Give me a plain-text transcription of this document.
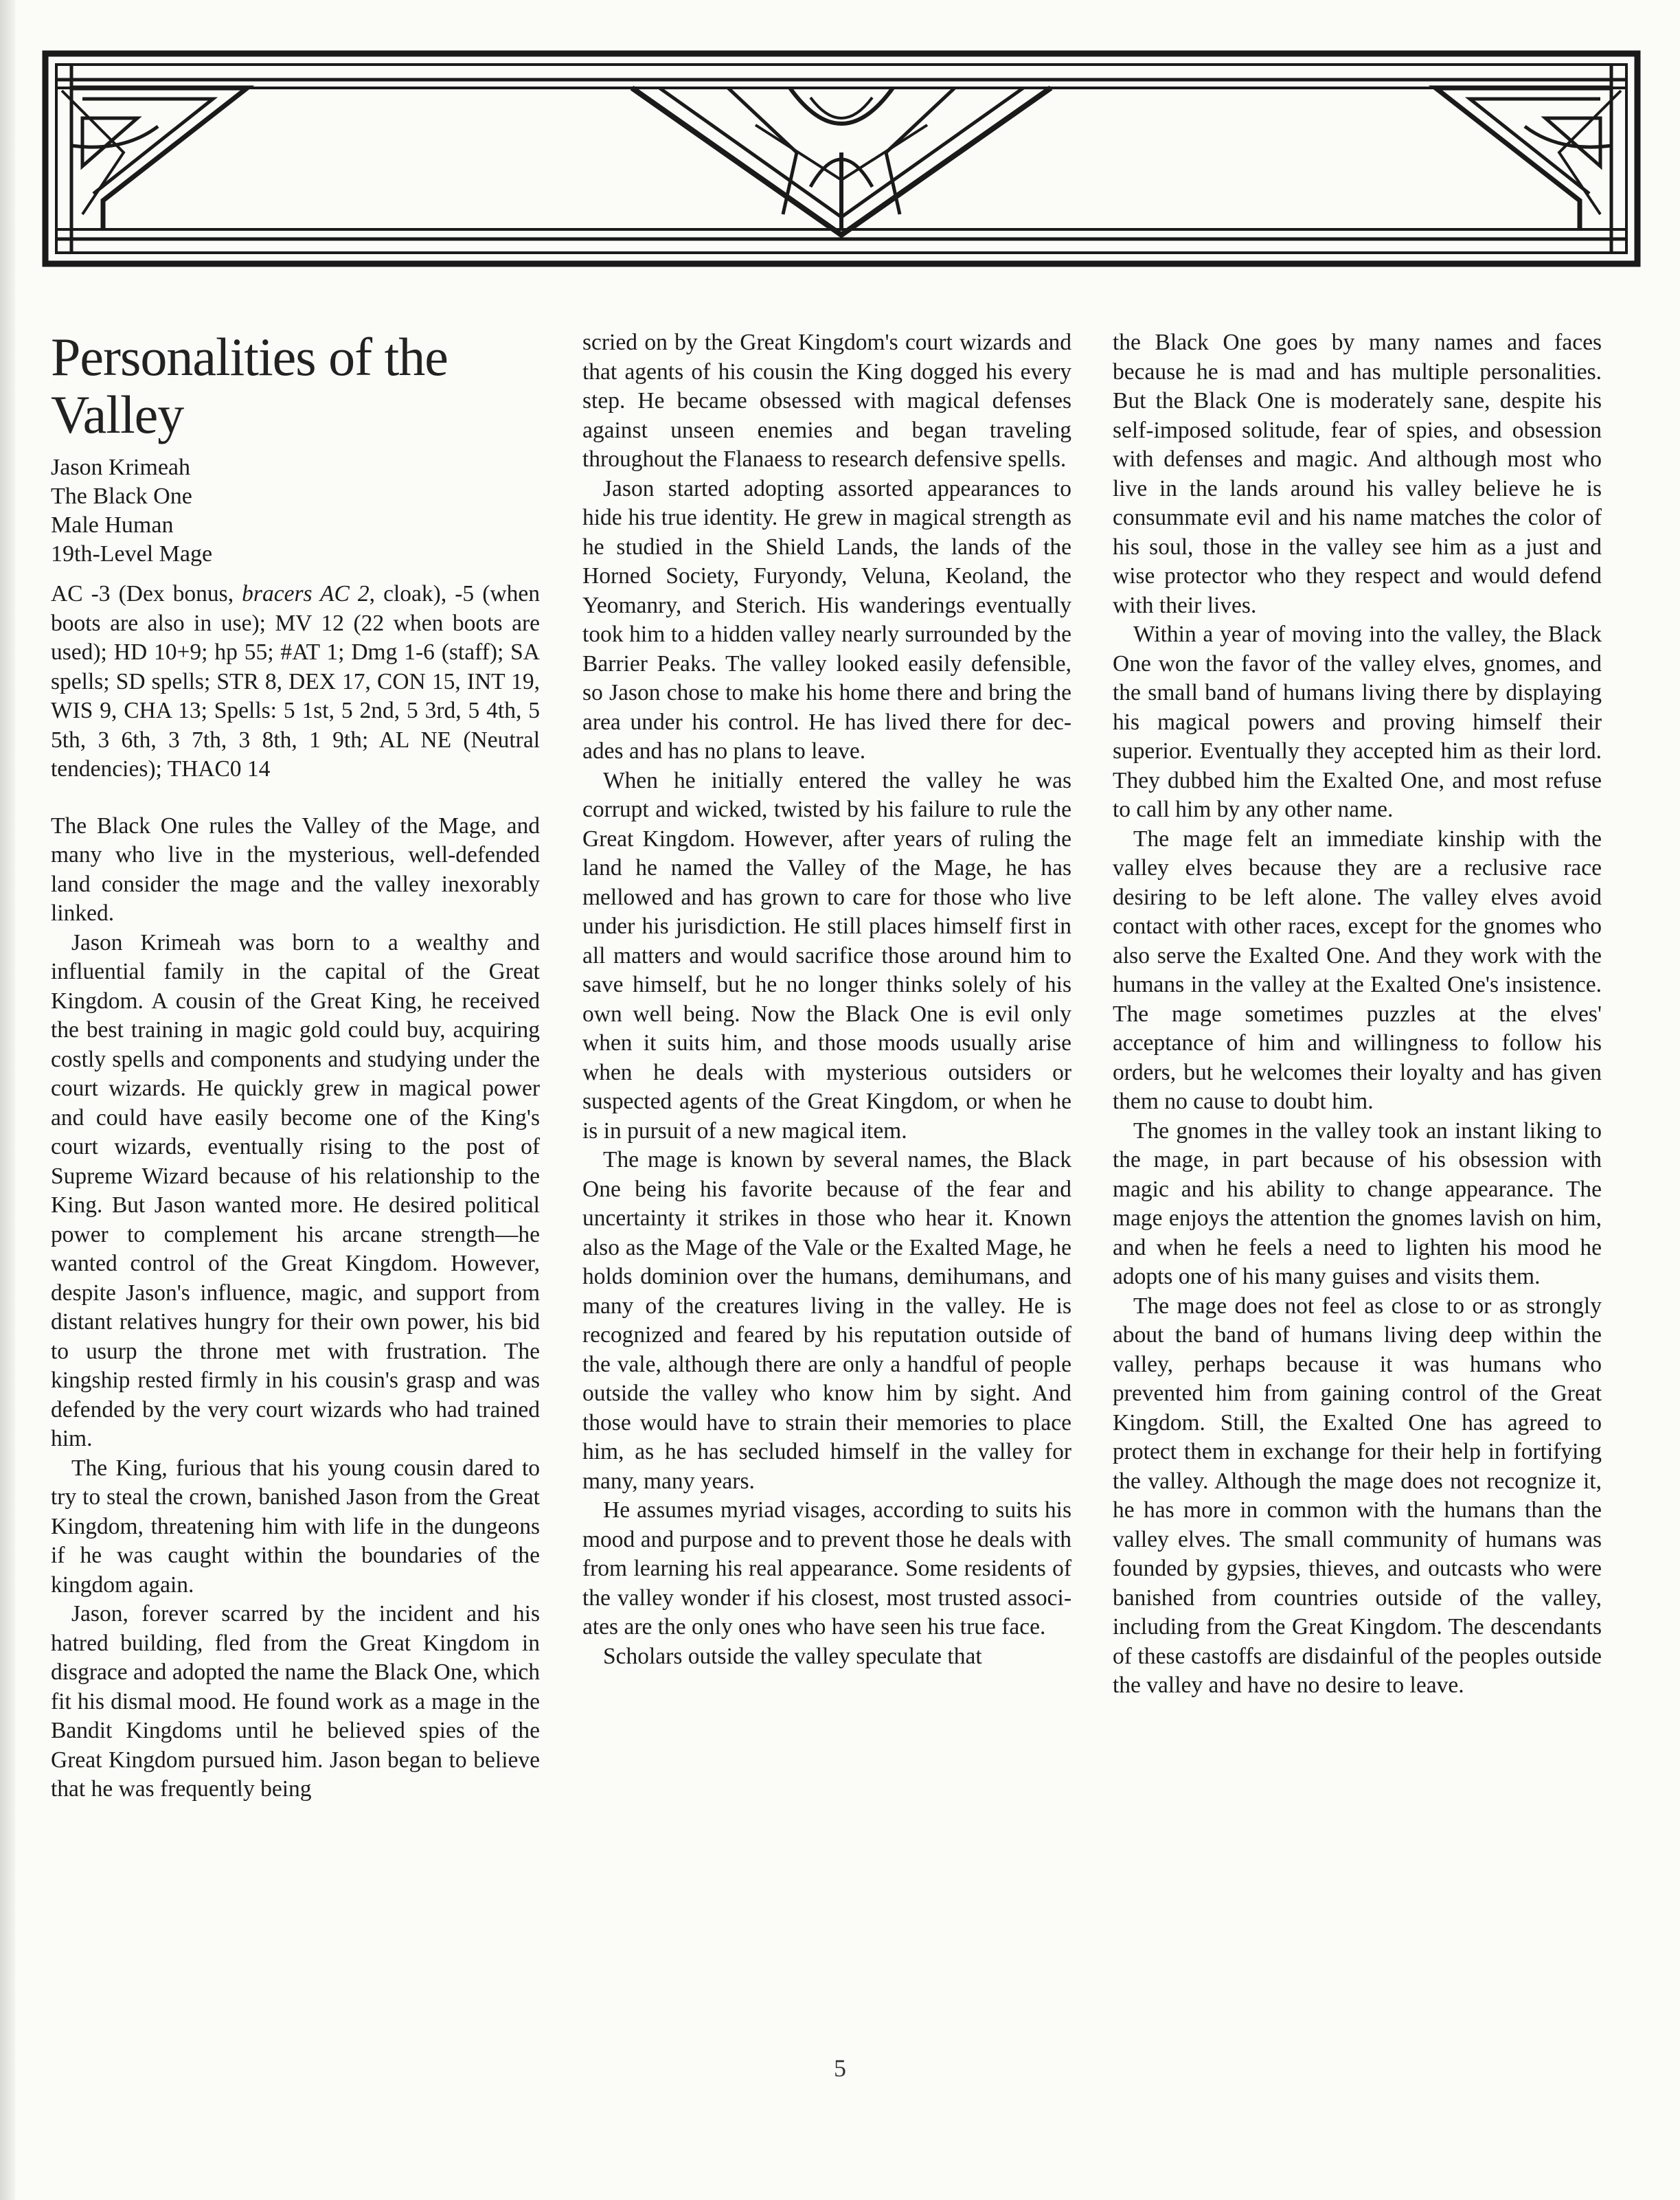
Personalities of the Valley
Jason Krimeah
The Black One
Male Human
19th-Level Mage

AC -3 (Dex bonus, bracers AC 2, cloak), -5 (when boots are also in use); MV 12 (22 when boots are used); HD 10+9; hp 55; #AT 1; Dmg 1-6 (staff); SA spells; SD spells; STR 8, DEX 17, CON 15, INT 19, WIS 9, CHA 13; Spells: 5 1st, 5 2nd, 5 3rd, 5 4th, 5 5th, 3 6th, 3 7th, 3 8th, 1 9th; AL NE (Neutral tendencies); THAC0 14

The Black One rules the Valley of the Mage, and many who live in the mysterious, well-defended land consider the mage and the valley inexorably linked.

Jason Krimeah was born to a wealthy and influential family in the capital of the Great Kingdom. A cousin of the Great King, he received the best training in magic gold could buy, acquiring costly spells and components and studying under the court wizards. He quickly grew in magical power and could have easily become one of the King's court wizards, eventually rising to the post of Supreme Wizard because of his relationship to the King. But Jason wanted more. He desired political power to complement his arcane strength—he wanted control of the Great Kingdom. However, despite Jason's influence, magic, and support from distant relatives hungry for their own power, his bid to usurp the throne met with frustration. The kingship rested firmly in his cousin's grasp and was defended by the very court wizards who had trained him.

The King, furious that his young cousin dared to try to steal the crown, banished Jason from the Great Kingdom, threatening him with life in the dungeons if he was caught within the boundaries of the kingdom again.

Jason, forever scarred by the incident and his hatred building, fled from the Great Kingdom in disgrace and adopted the name the Black One, which fit his dismal mood. He found work as a mage in the Bandit Kingdoms until he believed spies of the Great Kingdom pursued him. Jason began to believe that he was frequently being

scried on by the Great Kingdom's court wizards and that agents of his cousin the King dogged his every step. He became obsessed with magical defenses against unseen enemies and began traveling throughout the Flanaess to research defensive spells.

Jason started adopting assorted appearances to hide his true identity. He grew in magical strength as he studied in the Shield Lands, the lands of the Horned Society, Furyondy, Veluna, Keoland, the Yeomanry, and Sterich. His wanderings eventually took him to a hidden valley nearly surrounded by the Barrier Peaks. The valley looked easily defensible, so Jason chose to make his home there and bring the area under his control. He has lived there for decades and has no plans to leave.

When he initially entered the valley he was corrupt and wicked, twisted by his failure to rule the Great Kingdom. However, after years of ruling the land he named the Valley of the Mage, he has mellowed and has grown to care for those who live under his jurisdiction. He still places himself first in all matters and would sacrifice those around him to save himself, but he no longer thinks solely of his own well being. Now the Black One is evil only when it suits him, and those moods usually arise when he deals with mysterious outsiders or suspected agents of the Great Kingdom, or when he is in pursuit of a new magical item.

The mage is known by several names, the Black One being his favorite because of the fear and uncertainty it strikes in those who hear it. Known also as the Mage of the Vale or the Exalted Mage, he holds dominion over the humans, demihumans, and many of the creatures living in the valley. He is recognized and feared by his reputation outside of the vale, although there are only a handful of people outside the valley who know him by sight. And those would have to strain their memories to place him, as he has secluded himself in the valley for many, many years.

He assumes myriad visages, according to suits his mood and purpose and to prevent those he deals with from learning his real appearance. Some residents of the valley wonder if his closest, most trusted associates are the only ones who have seen his true face.

Scholars outside the valley speculate that

the Black One goes by many names and faces because he is mad and has multiple personalities. But the Black One is moderately sane, despite his self-imposed solitude, fear of spies, and obsession with defenses and magic. And although most who live in the lands around his valley believe he is consummate evil and his name matches the color of his soul, those in the valley see him as a just and wise protector who they respect and would defend with their lives.

Within a year of moving into the valley, the Black One won the favor of the valley elves, gnomes, and the small band of humans living there by displaying his magical powers and proving himself their superior. Eventually they accepted him as their lord. They dubbed him the Exalted One, and most refuse to call him by any other name.

The mage felt an immediate kinship with the valley elves because they are a reclusive race desiring to be left alone. The valley elves avoid contact with other races, except for the gnomes who also serve the Exalted One. And they work with the humans in the valley at the Exalted One's insistence. The mage sometimes puzzles at the elves' acceptance of him and willingness to follow his orders, but he welcomes their loyalty and has given them no cause to doubt him.

The gnomes in the valley took an instant liking to the mage, in part because of his obsession with magic and his ability to change appearance. The mage enjoys the attention the gnomes lavish on him, and when he feels a need to lighten his mood he adopts one of his many guises and visits them.

The mage does not feel as close to or as strongly about the band of humans living deep within the valley, perhaps because it was humans who prevented him from gaining control of the Great Kingdom. Still, the Exalted One has agreed to protect them in exchange for their help in fortifying the valley. Although the mage does not recognize it, he has more in common with the humans than the valley elves. The small community of humans was founded by gypsies, thieves, and outcasts who were banished from countries outside of the valley, including from the Great Kingdom. The descendants of these castoffs are disdainful of the peoples outside the valley and have no desire to leave.

5
